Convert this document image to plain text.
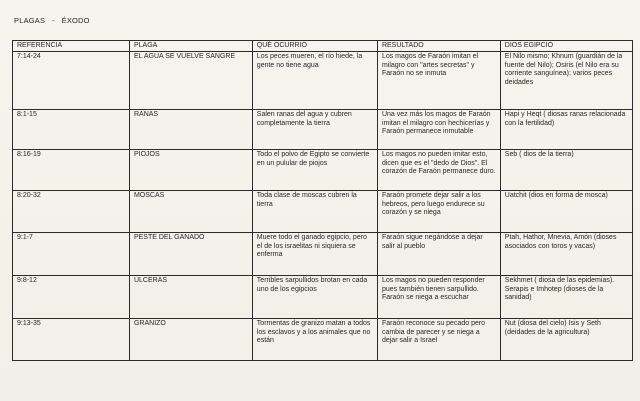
PLAGAS   -   ÉXODO
REFERENCIA	PLAGA	QUÉ OCURRIÓ	RESULTADO	DIOS EGIPCIO
7:14-24	EL AGUA SE VUELVE SANGRE	Los peces mueren, el río hiede, la gente no tiene agua	Los magos de Faraón imitan el milagro con "artes secretas" y Faraón no se inmuta	El Nilo mismo; Khnum (guardián de la fuente del Nilo); Osiris (el Nilo era su corriente sanguínea); varios peces deidades
8:1-15	RANAS	Salen ranas del agua y cubren completamente la tierra	Una vez más los magos de Faraón imitan el milagro con hechicerías y Faraón permanece inmutable	Hapi y Heqt ( diosas ranas relacionada con la fertilidad)
8:16-19	PIOJOS	Todo el polvo de Egipto se convierte en un pulular de piojos	Los magos no pueden imitar esto, dicen que es el "dedo de Dios". El corazón de Faraón permanece duro.	Seb ( dios de la tierra)
8:20-32	MOSCAS	Toda clase de moscas cubren la tierra	Faraón promete dejar salir a los hebreos, pero luego endurece su corazón y se niega	Uatchit (dios en forma de mosca)
9:1-7	PESTE DEL GANADO	Muere todo el ganado egipcio, pero el de los israelitas ni siquiera se enferma	Faraón sigue negándose a dejar salir al pueblo	Ptah, Hathor, Mnevia, Amón (dioses asociados con toros y vacas)
9:8-12	ÚLCERAS	Terribles sarpullidos brotan en cada uno de los egipcios	Los magos no pueden responder pues también tienen sarpullido. Faraón se niega a escuchar	Sekhmet ( diosa de las epidemias). Serapis e Imhotep (dioses de la sanidad)
9:13-35	GRANIZO	Tormentas de granizo matan a todos los esclavos y a los animales que no están	Faraón reconoce su pecado pero cambia de parecer y se niega a dejar salir a Israel	Nut (diosa del cielo) Isis y Seth (deidades de la agricultura)
